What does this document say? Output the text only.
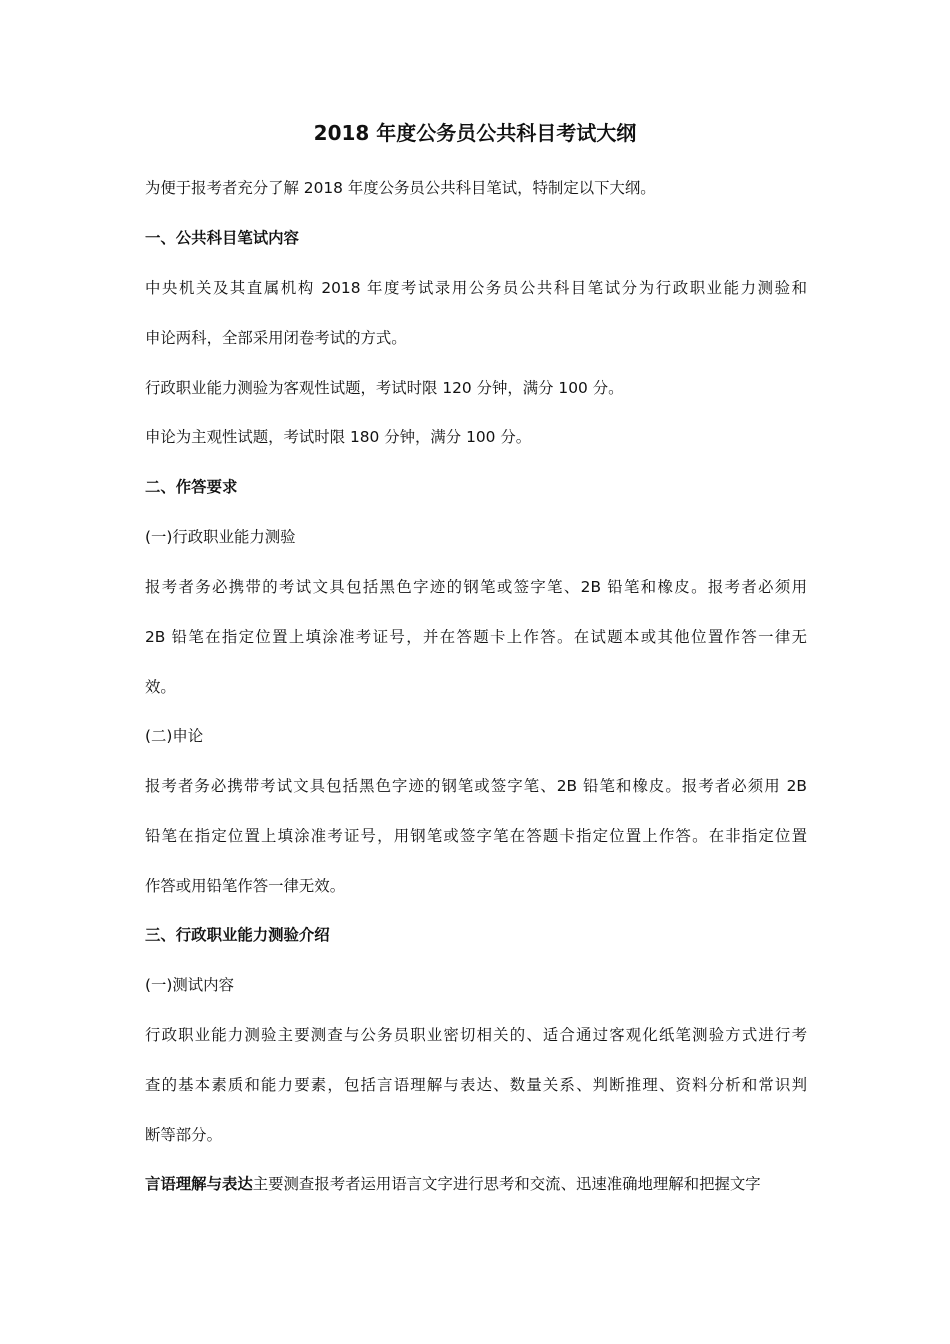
2018 年度公务员公共科目考试大纲
为便于报考者充分了解 2018 年度公务员公共科目笔试，特制定以下大纲。
一、公共科目笔试内容
中央机关及其直属机构 2018 年度考试录用公务员公共科目笔试分为行政职业能力测验和
申论两科，全部采用闭卷考试的方式。
行政职业能力测验为客观性试题，考试时限 120 分钟，满分 100 分。
申论为主观性试题，考试时限 180 分钟，满分 100 分。
二、作答要求
(一)行政职业能力测验
报考者务必携带的考试文具包括黑色字迹的钢笔或签字笔、2B 铅笔和橡皮。报考者必须用
2B 铅笔在指定位置上填涂准考证号，并在答题卡上作答。在试题本或其他位置作答一律无
效。
(二)申论
报考者务必携带考试文具包括黑色字迹的钢笔或签字笔、2B 铅笔和橡皮。报考者必须用 2B
铅笔在指定位置上填涂准考证号，用钢笔或签字笔在答题卡指定位置上作答。在非指定位置
作答或用铅笔作答一律无效。
三、行政职业能力测验介绍
(一)测试内容
行政职业能力测验主要测查与公务员职业密切相关的、适合通过客观化纸笔测验方式进行考
查的基本素质和能力要素，包括言语理解与表达、数量关系、判断推理、资料分析和常识判
断等部分。
言语理解与表达主要测查报考者运用语言文字进行思考和交流、迅速准确地理解和把握文字
